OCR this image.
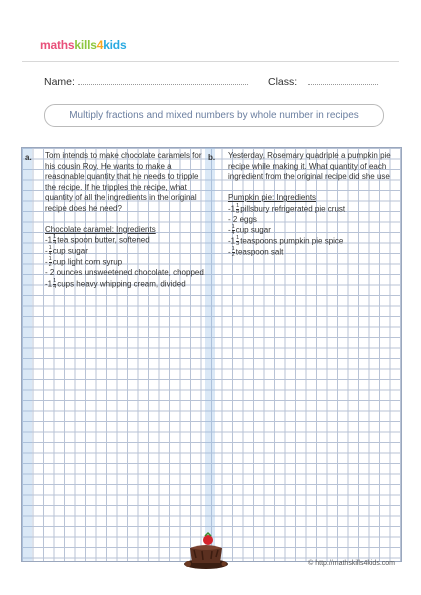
mathskills4kids
Name:	Class:
Multiply fractions and mixed numbers by whole number in recipes
a. Tom intends to make chocolate caramels for his cousin Roy. He wants to make a reasonable quantity that he needs to tripple the recipe. If he tripples the recipe, what quantity of all the ingredients in the original recipe does he need?

Chocolate caramel: Ingredients

$-1 \frac{1}{4}$ tea spoon butter, softened

- $\frac{1}{4}$ cup sugar

- $\frac{1}{2}$ cup light corn syrup

- 2 ounces unsweetened chocolate, chopped

$-1 \frac{1}{4}$ cups heavy whipping cream, divided

b. Yesterday, Rosemary quadriple a pumpkin pie recipe while making it. What quantity of each ingredient from the original recipe did she use

Pumpkin pie: Ingredients

$-1 \frac{1}{8}$ pillsbury refrigerated pie crust

- 2 eggs

- $\frac{1}{4}$ cup sugar

$-1 \frac{1}{3}$ teaspoons pumpkin pie spice

- $\frac{1}{2}$ teaspoon salt

© http://mathskills4kids.com
